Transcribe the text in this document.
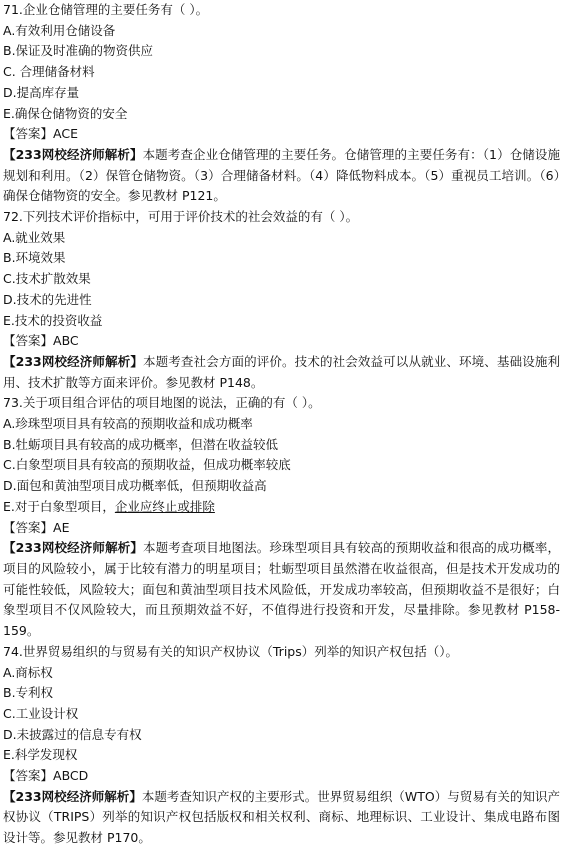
71.企业仓储管理的主要任务有（ ）。
A.有效利用仓储设备
B.保证及时准确的物资供应
C. 合理储备材料
D.提高库存量
E.确保仓储物资的安全
【答案】ACE
【233网校经济师解析】本题考查企业仓储管理的主要任务。仓储管理的主要任务有：（1）仓储设施规划和利用。（2）保管仓储物资。（3）合理储备材料。（4）降低物料成本。（5）重视员工培训。（6）确保仓储物资的安全。参见教材 P121。
72.下列技术评价指标中，可用于评价技术的社会效益的有（ ）。
A.就业效果
B.环境效果
C.技术扩散效果
D.技术的先进性
E.技术的投资收益
【答案】ABC
【233网校经济师解析】本题考查社会方面的评价。技术的社会效益可以从就业、环境、基础设施利用、技术扩散等方面来评价。参见教材 P148。
73.关于项目组合评估的项目地图的说法，正确的有（ ）。
A.珍珠型项目具有较高的预期收益和成功概率
B.牡蛎项目具有较高的成功概率，但潜在收益较低
C.白象型项目具有较高的预期收益，但成功概率较底
D.面包和黄油型项目成功概率低，但预期收益高
E.对于白象型项目，企业应终止或排除
【答案】AE
【233网校经济师解析】本题考查项目地图法。珍珠型项目具有较高的预期收益和很高的成功概率，项目的风险较小，属于比较有潜力的明星项目；牡蛎型项目虽然潜在收益很高，但是技术开发成功的可能性较低，风险较大；面包和黄油型项目技术风险低，开发成功率较高，但预期收益不是很好；白象型项目不仅风险较大，而且预期效益不好，不值得进行投资和开发，尽量排除。参见教材 P158-159。
74.世界贸易组织的与贸易有关的知识产权协议（Trips）列举的知识产权包括（）。
A.商标权
B.专利权
C.工业设计权
D.未披露过的信息专有权
E.科学发现权
【答案】ABCD
【233网校经济师解析】本题考查知识产权的主要形式。世界贸易组织（WTO）与贸易有关的知识产权协议（TRIPS）列举的知识产权包括版权和相关权利、商标、地理标识、工业设计、集成电路布图设计等。参见教材 P170。
